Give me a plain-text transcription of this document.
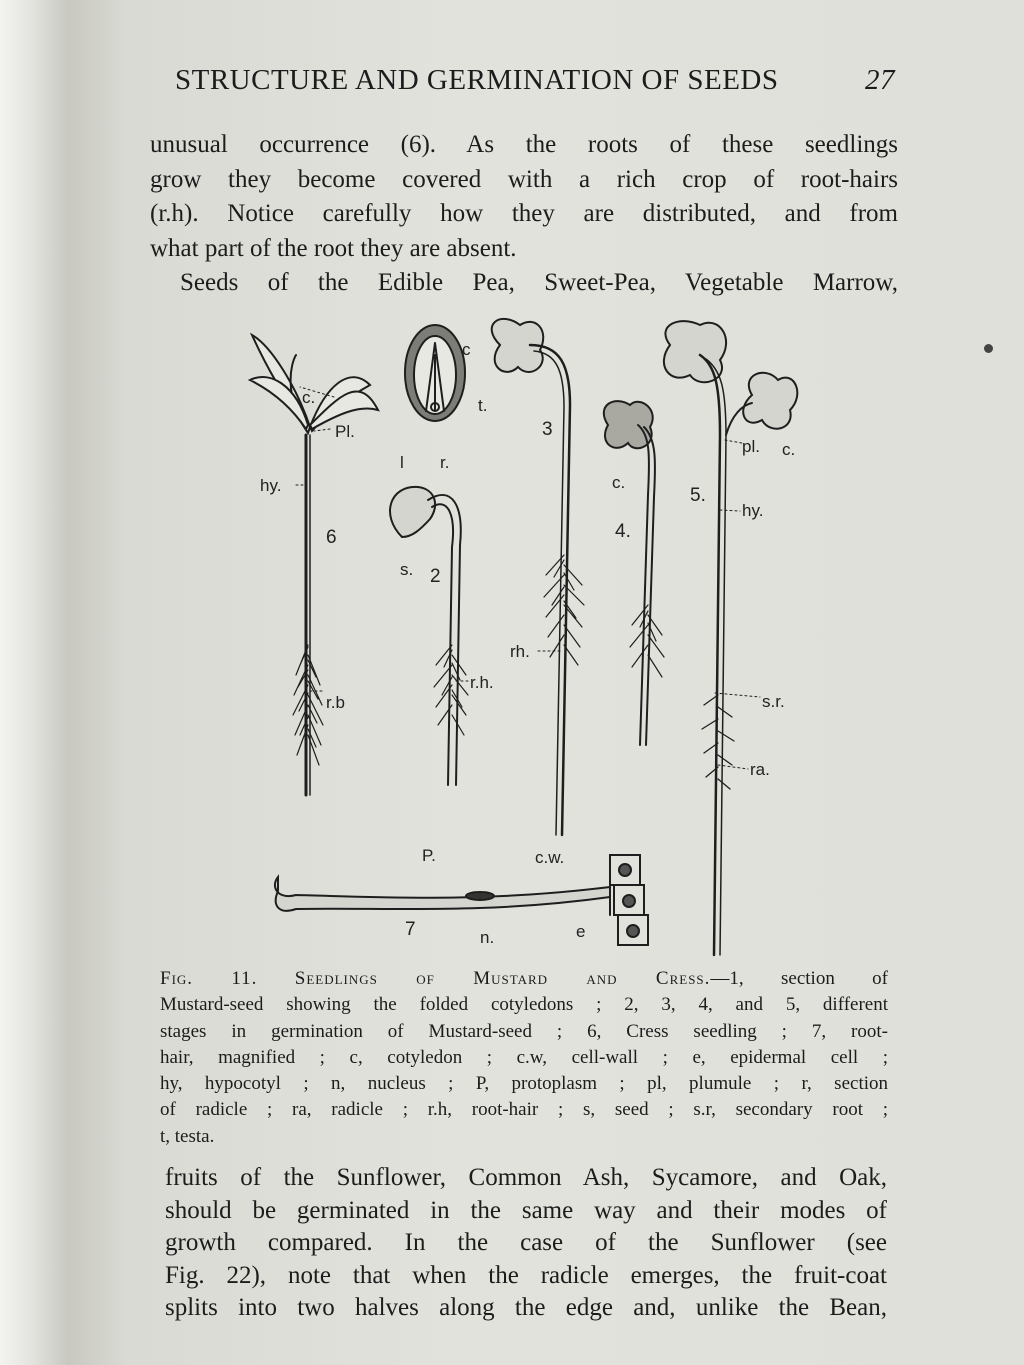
STRUCTURE AND GERMINATION OF SEEDS	27
unusual occurrence (6). As the roots of these seedlings
grow they become covered with a rich crop of root-hairs
(r.h). Notice carefully how they are distributed, and from
what part of the root they are absent.
Seeds of the Edible Pea, Sweet-Pea, Vegetable Marrow,
c.
Pl.
hy.
6
r.b
c
t.
l r.
s. 2
r.h.
3
rh.
c.
4.
pl. c.
5.
hy.
s.r.
ra.
P.	c.w.
7	n.	e
Fig. 11. Seedlings of Mustard and Cress.—1, section of
Mustard-seed showing the folded cotyledons ; 2, 3, 4, and 5, different
stages in germination of Mustard-seed ; 6, Cress seedling ; 7, root-
hair, magnified ; c, cotyledon ; c.w, cell-wall ; e, epidermal cell ;
hy, hypocotyl ; n, nucleus ; P, protoplasm ; pl, plumule ; r, section
of radicle ; ra, radicle ; r.h, root-hair ; s, seed ; s.r, secondary root ;
t, testa.
fruits of the Sunflower, Common Ash, Sycamore, and Oak,
should be germinated in the same way and their modes of
growth compared. In the case of the Sunflower (see
Fig. 22), note that when the radicle emerges, the fruit-coat
splits into two halves along the edge and, unlike the Bean,
